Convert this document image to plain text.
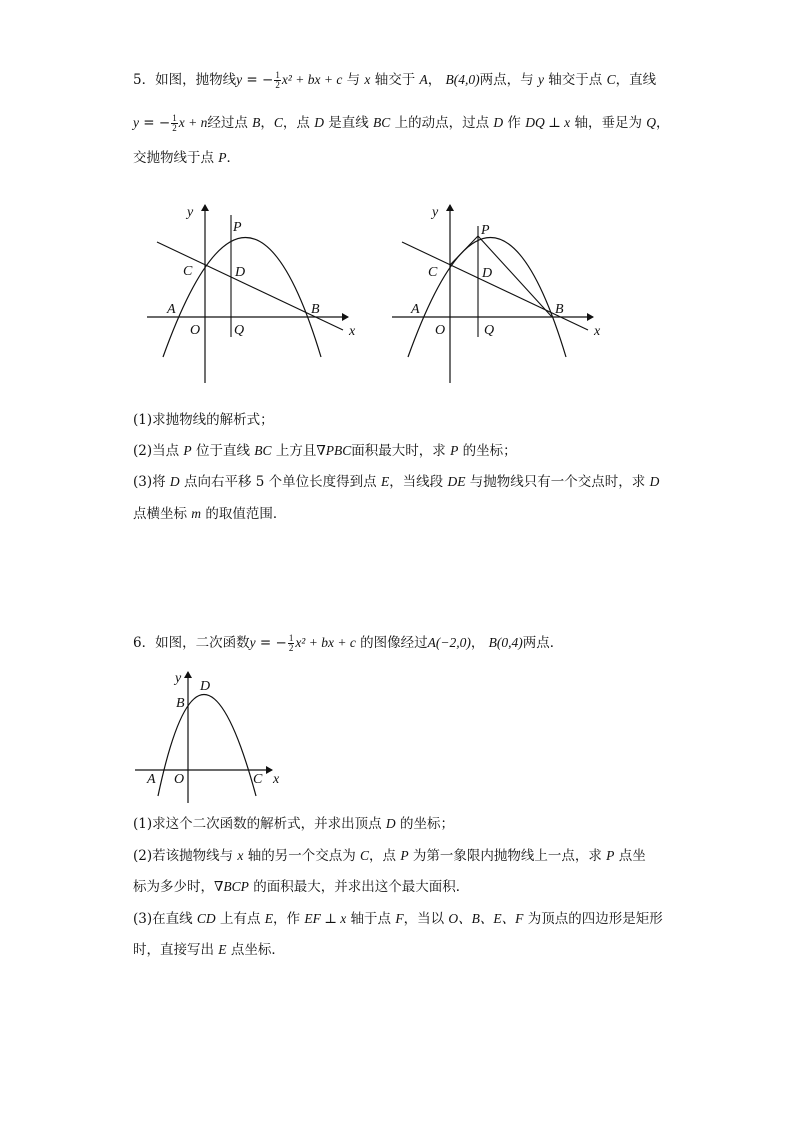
5．如图，抛物线y = − $\frac{1}{2} x^2$ + bx + c 与 x 轴交于 A， B(4,0)两点，与 y 轴交于点 C，直线
y = − $\frac{1}{2}$ x + n经过点 B，C，点 D 是直线 BC 上的动点，过点 D 作 DQ ⊥ x 轴，垂足为 Q，
交抛物线于点 P．
y
x
P
C	D
A	B
O Q
y
x
P
C	D
A	B
O	Q
(1)求抛物线的解析式；
(2)当点 P 位于直线 BC 上方且∇PBC面积最大时，求 P 的坐标；
(3)将 D 点向右平移 5 个单位长度得到点 E，当线段 DE 与抛物线只有一个交点时，求 D
点横坐标 m 的取值范围．
6．如图，二次函数y = − $\frac{1}{2} x^2$ + bx + c 的图像经过A(−2,0)， B(0,4)两点．
y
x
D
B
A O	C
(1)求这个二次函数的解析式，并求出顶点 D 的坐标；
(2)若该抛物线与 x 轴的另一个交点为 C，点 P 为第一象限内抛物线上一点，求 P 点坐
标为多少时，∇BCP 的面积最大，并求出这个最大面积．
(3)在直线 CD 上有点 E，作 EF ⊥ x 轴于点 F，当以 O、B、E、F 为顶点的四边形是矩形
时，直接写出 E 点坐标．
